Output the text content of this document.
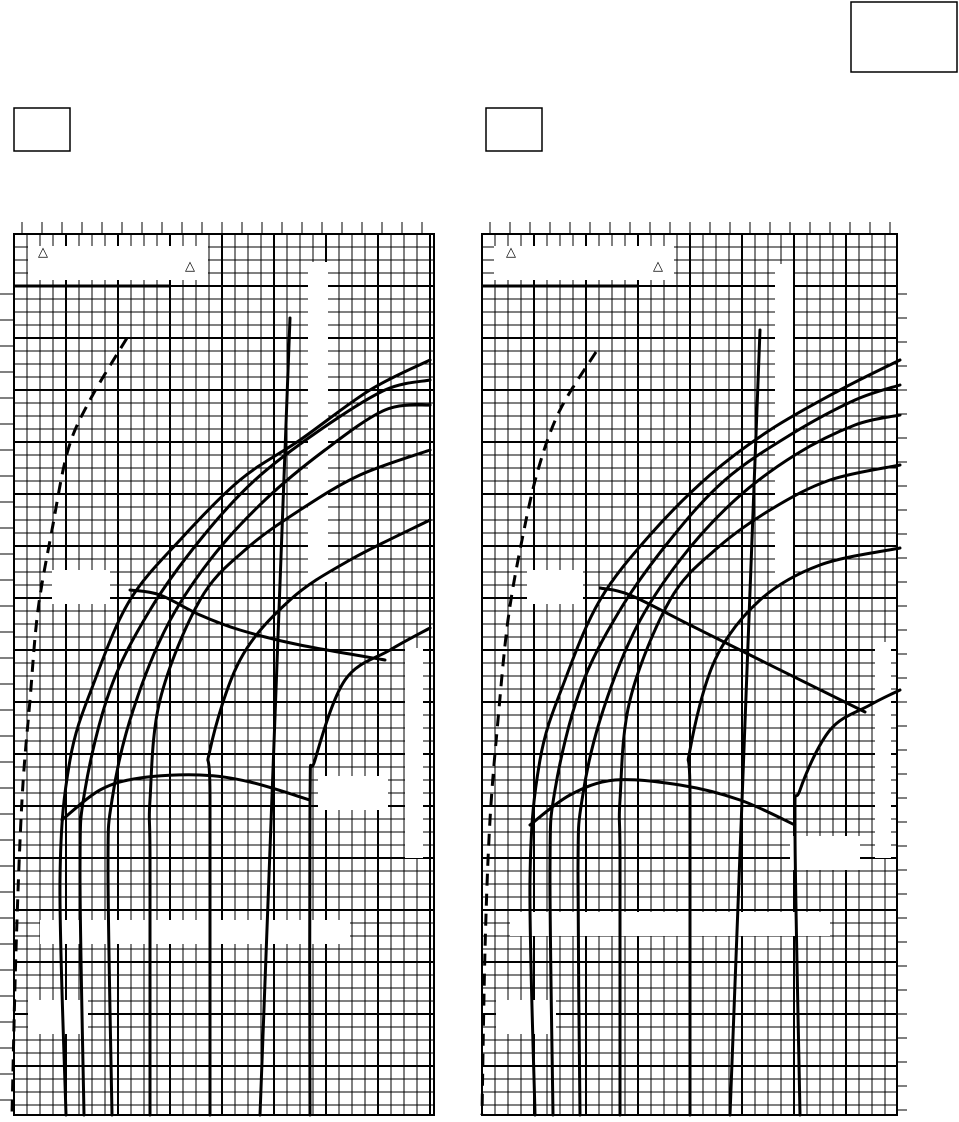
△
△
△
△
